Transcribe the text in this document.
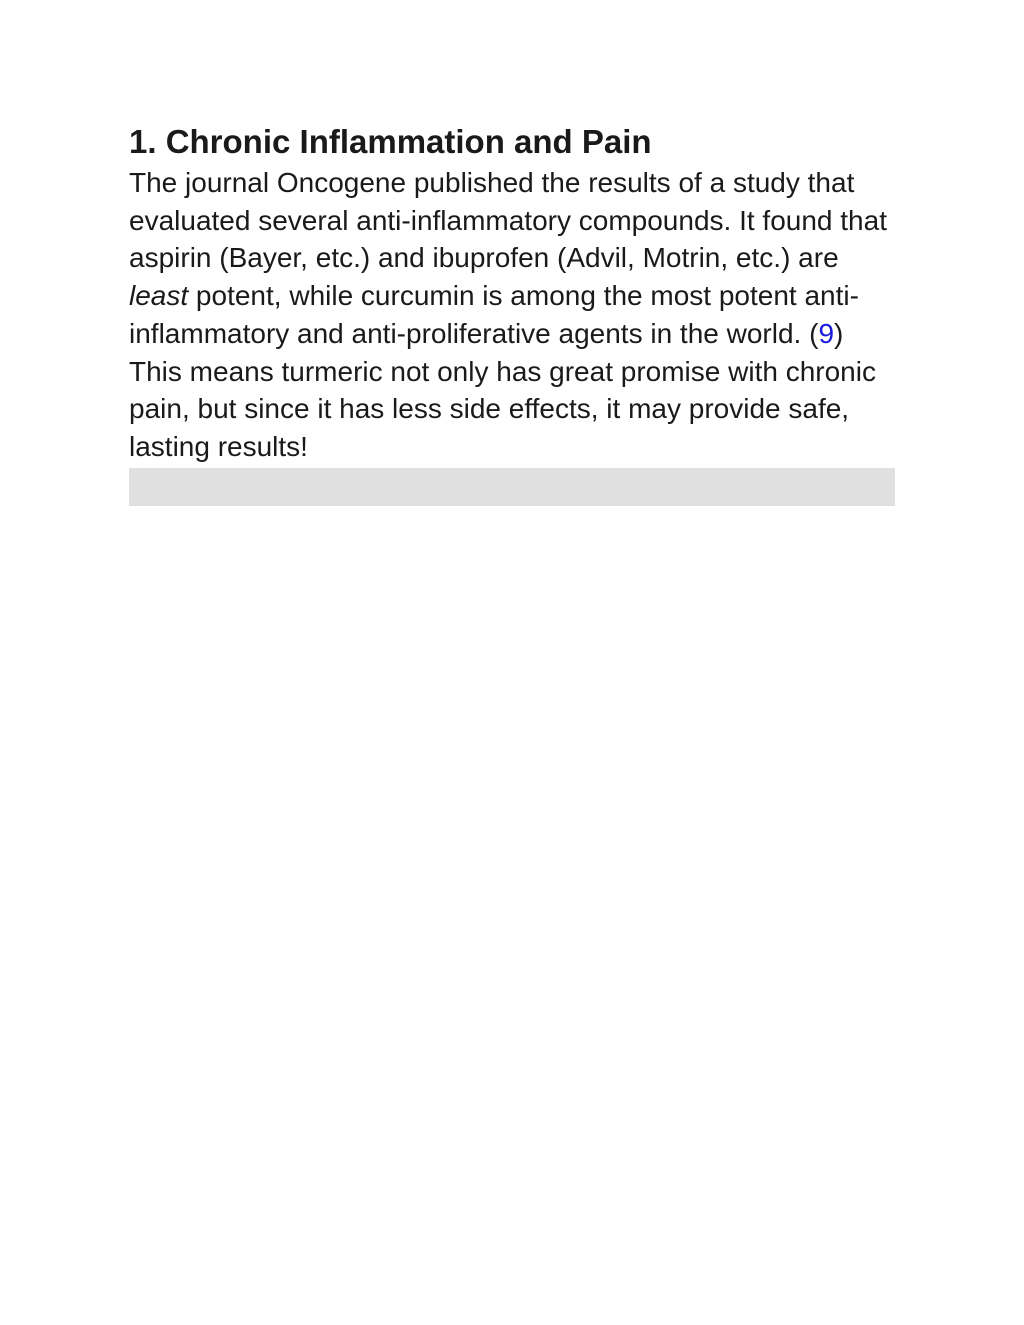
1. Chronic Inflammation and Pain

The journal Oncogene published the results of a study that evaluated several anti-inflammatory compounds. It found that aspirin (Bayer, etc.) and ibuprofen (Advil, Motrin, etc.) are least potent, while curcumin is among the most potent anti-inflammatory and anti-proliferative agents in the world. (9)

This means turmeric not only has great promise with chronic pain, but since it has less side effects, it may provide safe, lasting results!
